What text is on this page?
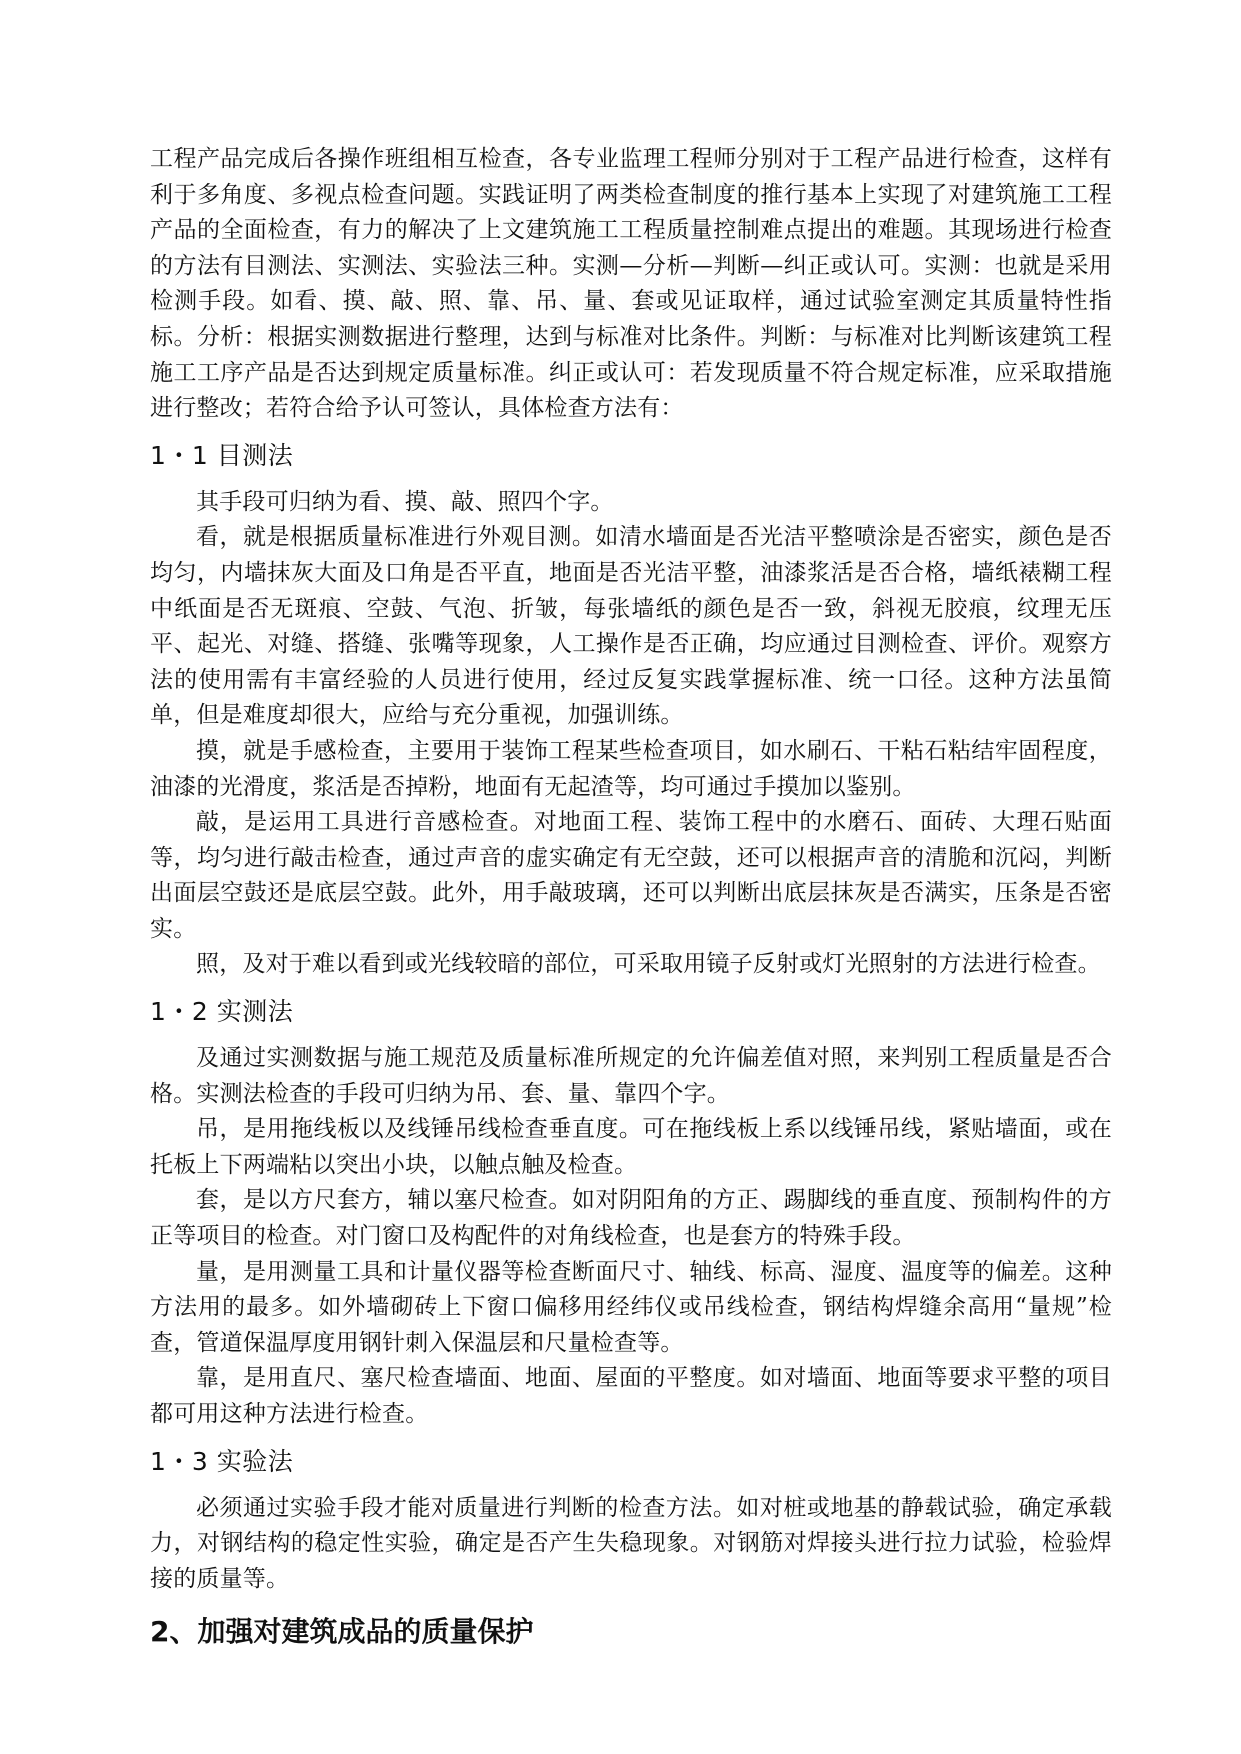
工程产品完成后各操作班组相互检查，各专业监理工程师分别对于工程产品进行检查，这样有利于多角度、多视点检查问题。实践证明了两类检查制度的推行基本上实现了对建筑施工工程产品的全面检查，有力的解决了上文建筑施工工程质量控制难点提出的难题。其现场进行检查的方法有目测法、实测法、实验法三种。实测—分析—判断—纠正或认可。实测：也就是采用检测手段。如看、摸、敲、照、靠、吊、量、套或见证取样，通过试验室测定其质量特性指标。分析：根据实测数据进行整理，达到与标准对比条件。判断：与标准对比判断该建筑工程施工工序产品是否达到规定质量标准。纠正或认可：若发现质量不符合规定标准，应采取措施进行整改；若符合给予认可签认，具体检查方法有：

1・1 目测法

其手段可归纳为看、摸、敲、照四个字。

看，就是根据质量标准进行外观目测。如清水墙面是否光洁平整喷涂是否密实，颜色是否均匀，内墙抹灰大面及口角是否平直，地面是否光洁平整，油漆浆活是否合格，墙纸裱糊工程中纸面是否无斑痕、空鼓、气泡、折皱，每张墙纸的颜色是否一致，斜视无胶痕，纹理无压平、起光、对缝、搭缝、张嘴等现象，人工操作是否正确，均应通过目测检查、评价。观察方法的使用需有丰富经验的人员进行使用，经过反复实践掌握标准、统一口径。这种方法虽简单，但是难度却很大，应给与充分重视，加强训练。

摸，就是手感检查，主要用于装饰工程某些检查项目，如水刷石、干粘石粘结牢固程度，油漆的光滑度，浆活是否掉粉，地面有无起渣等，均可通过手摸加以鉴别。

敲，是运用工具进行音感检查。对地面工程、装饰工程中的水磨石、面砖、大理石贴面等，均匀进行敲击检查，通过声音的虚实确定有无空鼓，还可以根据声音的清脆和沉闷，判断出面层空鼓还是底层空鼓。此外，用手敲玻璃，还可以判断出底层抹灰是否满实，压条是否密实。

照，及对于难以看到或光线较暗的部位，可采取用镜子反射或灯光照射的方法进行检查。

1・2 实测法

及通过实测数据与施工规范及质量标准所规定的允许偏差值对照，来判别工程质量是否合格。实测法检查的手段可归纳为吊、套、量、靠四个字。

吊，是用拖线板以及线锤吊线检查垂直度。可在拖线板上系以线锤吊线，紧贴墙面，或在托板上下两端粘以突出小块，以触点触及检查。

套，是以方尺套方，辅以塞尺检查。如对阴阳角的方正、踢脚线的垂直度、预制构件的方正等项目的检查。对门窗口及构配件的对角线检查，也是套方的特殊手段。

量，是用测量工具和计量仪器等检查断面尺寸、轴线、标高、湿度、温度等的偏差。这种方法用的最多。如外墙砌砖上下窗口偏移用经纬仪或吊线检查，钢结构焊缝余高用“量规”检查，管道保温厚度用钢针刺入保温层和尺量检查等。

靠，是用直尺、塞尺检查墙面、地面、屋面的平整度。如对墙面、地面等要求平整的项目都可用这种方法进行检查。

1・3 实验法

必须通过实验手段才能对质量进行判断的检查方法。如对桩或地基的静载试验，确定承载力，对钢结构的稳定性实验，确定是否产生失稳现象。对钢筋对焊接头进行拉力试验，检验焊接的质量等。

2、加强对建筑成品的质量保护
